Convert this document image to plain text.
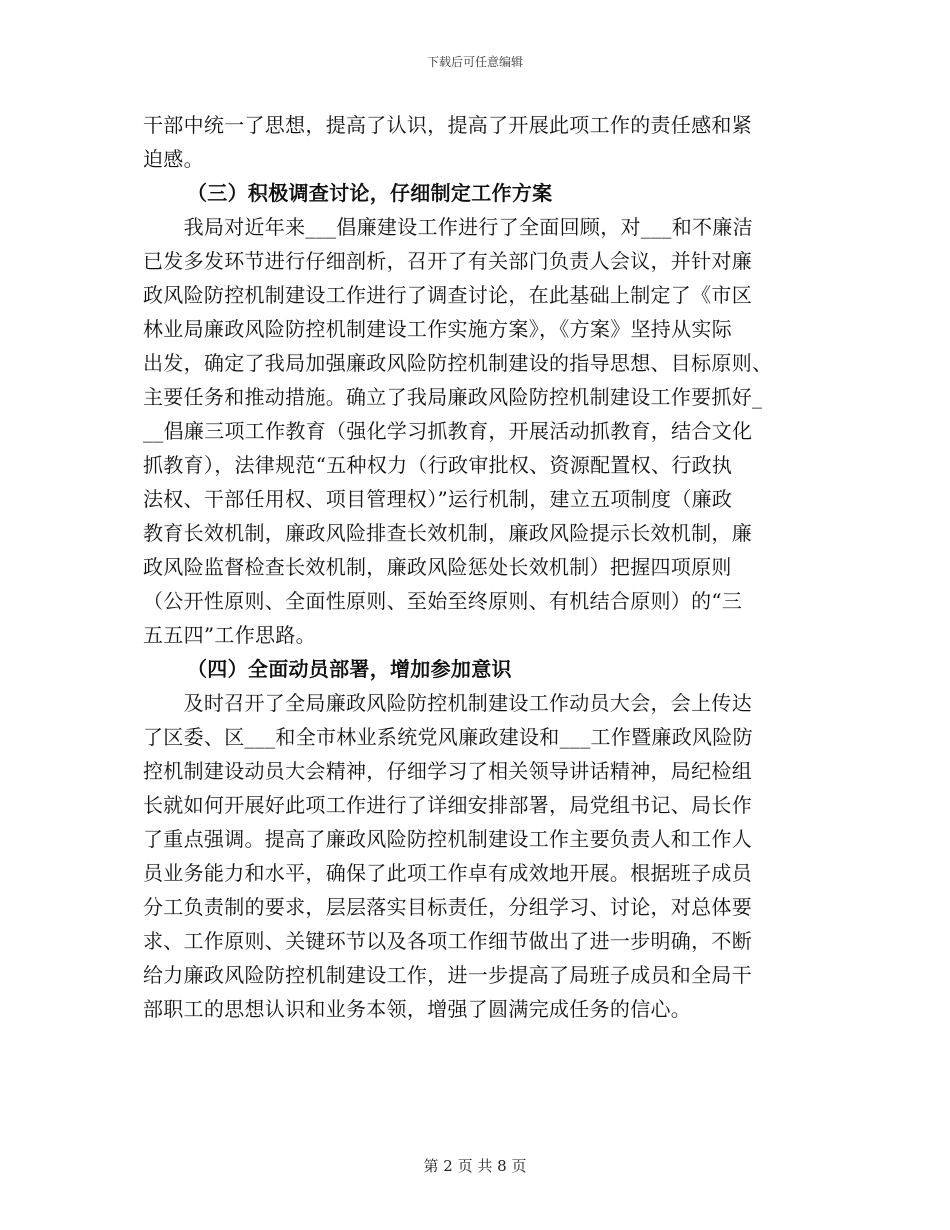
下载后可任意编辑
干部中统一了思想，提高了认识，提高了开展此项工作的责任感和紧
迫感。
（三）积极调查讨论，仔细制定工作方案
　　我局对近年来___倡廉建设工作进行了全面回顾，对___和不廉洁
已发多发环节进行仔细剖析，召开了有关部门负责人会议，并针对廉
政风险防控机制建设工作进行了调查讨论，在此基础上制定了《市区
林业局廉政风险防控机制建设工作实施方案》，《方案》坚持从实际
出发，确定了我局加强廉政风险防控机制建设的指导思想、目标原则、
主要任务和推动措施。确立了我局廉政风险防控机制建设工作要抓好_
__倡廉三项工作教育（强化学习抓教育，开展活动抓教育，结合文化
抓教育），法律规范“五种权力（行政审批权、资源配置权、行政执
法权、干部任用权、项目管理权）”运行机制，建立五项制度（廉政
教育长效机制，廉政风险排查长效机制，廉政风险提示长效机制，廉
政风险监督检查长效机制，廉政风险惩处长效机制）把握四项原则
（公开性原则、全面性原则、至始至终原则、有机结合原则）的“三
五五四”工作思路。
（四）全面动员部署，增加参加意识
　　及时召开了全局廉政风险防控机制建设工作动员大会，会上传达
了区委、区___和全市林业系统党风廉政建设和___工作暨廉政风险防
控机制建设动员大会精神，仔细学习了相关领导讲话精神，局纪检组
长就如何开展好此项工作进行了详细安排部署，局党组书记、局长作
了重点强调。提高了廉政风险防控机制建设工作主要负责人和工作人
员业务能力和水平，确保了此项工作卓有成效地开展。根据班子成员
分工负责制的要求，层层落实目标责任，分组学习、讨论，对总体要
求、工作原则、关键环节以及各项工作细节做出了进一步明确，不断
给力廉政风险防控机制建设工作，进一步提高了局班子成员和全局干
部职工的思想认识和业务本领，增强了圆满完成任务的信心。
第 2 页 共 8 页
